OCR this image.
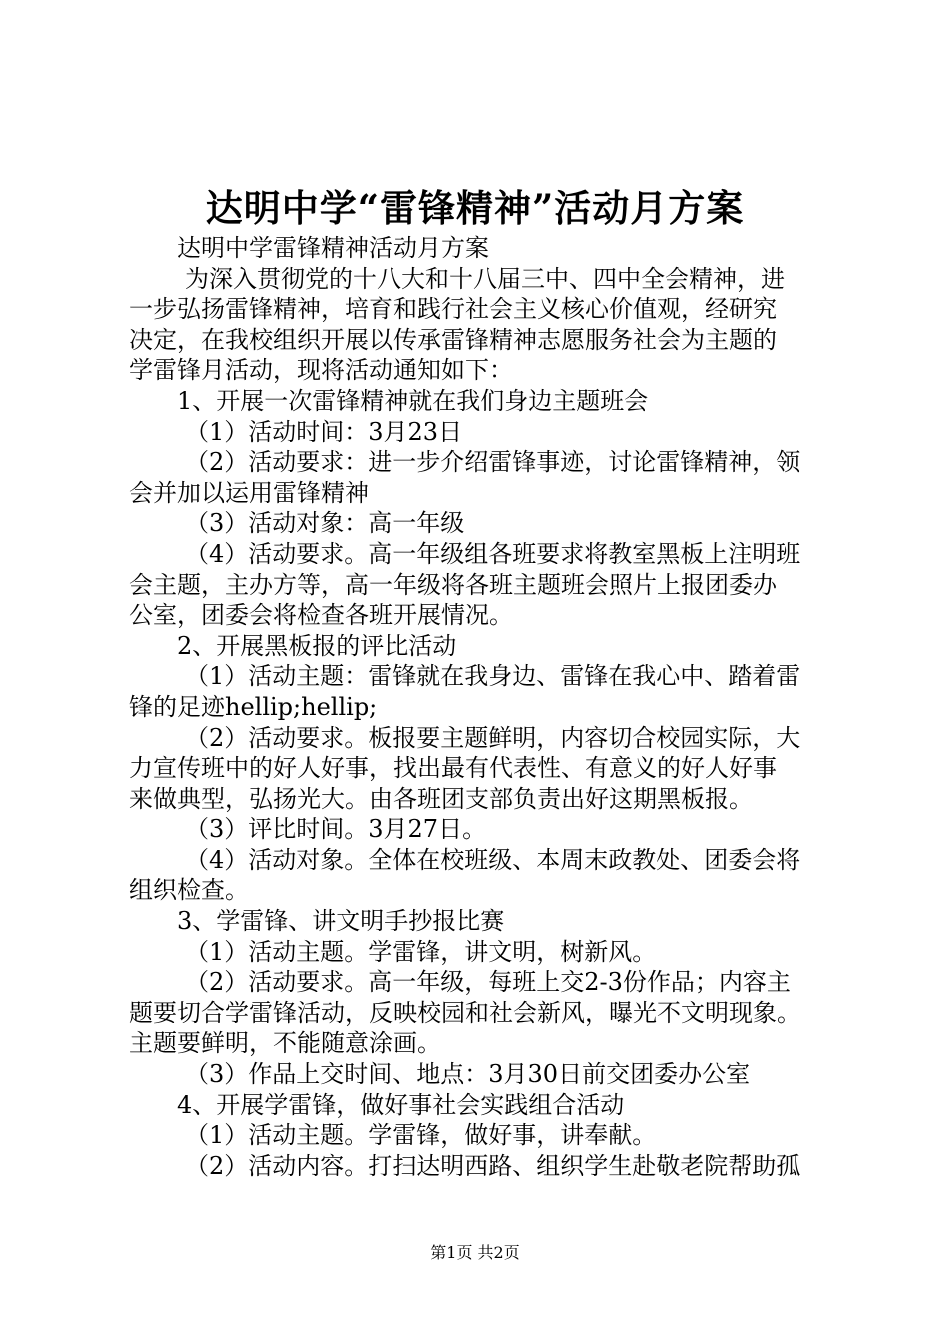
达明中学“雷锋精神”活动月方案

达明中学雷锋精神活动月方案

为深入贯彻党的十八大和十八届三中、四中全会精神，进

一步弘扬雷锋精神，培育和践行社会主义核心价值观，经研究

决定，在我校组织开展以传承雷锋精神志愿服务社会为主题的

学雷锋月活动，现将活动通知如下：

1、开展一次雷锋精神就在我们身边主题班会

（1）活动时间：3月23日

（2）活动要求：进一步介绍雷锋事迹，讨论雷锋精神，领

会并加以运用雷锋精神

（3）活动对象：高一年级

（4）活动要求。高一年级组各班要求将教室黑板上注明班

会主题，主办方等，高一年级将各班主题班会照片上报团委办

公室，团委会将检查各班开展情况。

2、开展黑板报的评比活动

（1）活动主题：雷锋就在我身边、雷锋在我心中、踏着雷

锋的足迹hellip;hellip;

（2）活动要求。板报要主题鲜明，内容切合校园实际，大

力宣传班中的好人好事，找出最有代表性、有意义的好人好事

来做典型，弘扬光大。由各班团支部负责出好这期黑板报。

（3）评比时间。3月27日。

（4）活动对象。全体在校班级、本周末政教处、团委会将

组织检查。

3、学雷锋、讲文明手抄报比赛

（1）活动主题。学雷锋，讲文明，树新风。

（2）活动要求。高一年级，每班上交2-3份作品；内容主

题要切合学雷锋活动，反映校园和社会新风，曝光不文明现象。

主题要鲜明，不能随意涂画。

（3）作品上交时间、地点：3月30日前交团委办公室

4、开展学雷锋，做好事社会实践组合活动

（1）活动主题。学雷锋，做好事，讲奉献。

（2）活动内容。打扫达明西路、组织学生赴敬老院帮助孤

第1页 共2页
